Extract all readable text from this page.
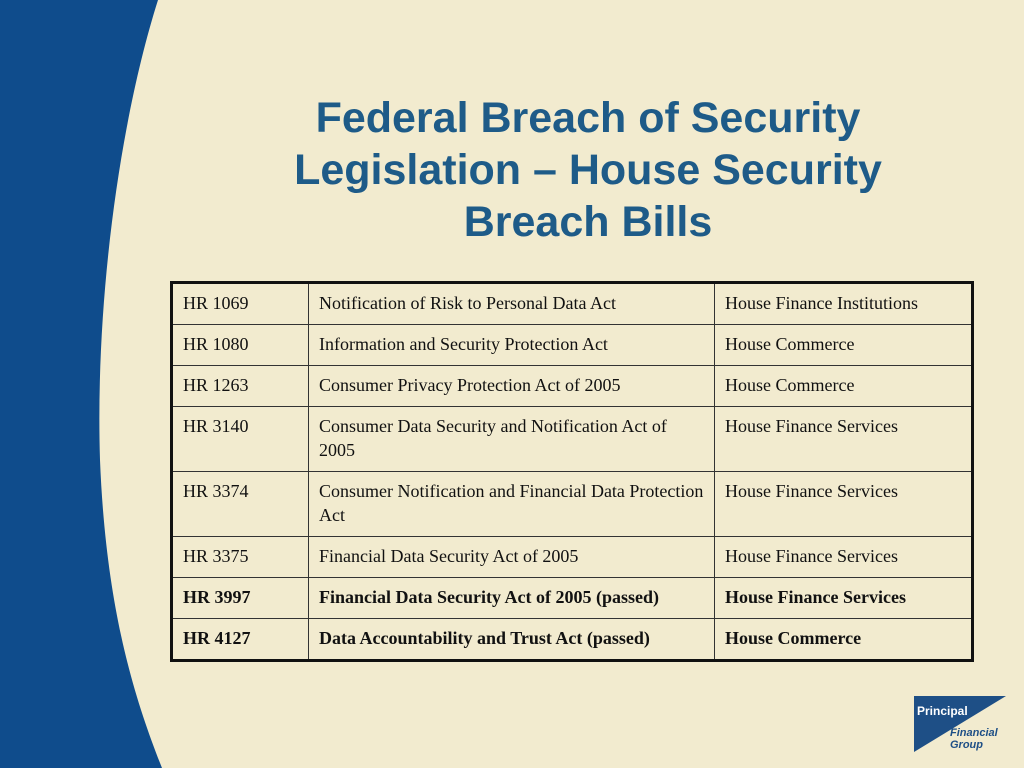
Federal Breach of Security
Legislation – House Security
Breach Bills
HR 1069	Notification of Risk to Personal Data Act	House Finance Institutions
HR 1080	Information and Security Protection Act	House Commerce
HR 1263	Consumer Privacy Protection Act of 2005	House Commerce
HR 3140	Consumer Data Security and Notification Act of 2005	House Finance Services
HR 3374	Consumer Notification and Financial Data Protection Act	House Finance Services
HR 3375	Financial Data Security Act of 2005	House Finance Services
HR 3997	Financial Data Security Act of 2005 (passed)	House Finance Services
HR 4127	Data Accountability and Trust Act (passed)	House Commerce
Principal
Financial
Group
